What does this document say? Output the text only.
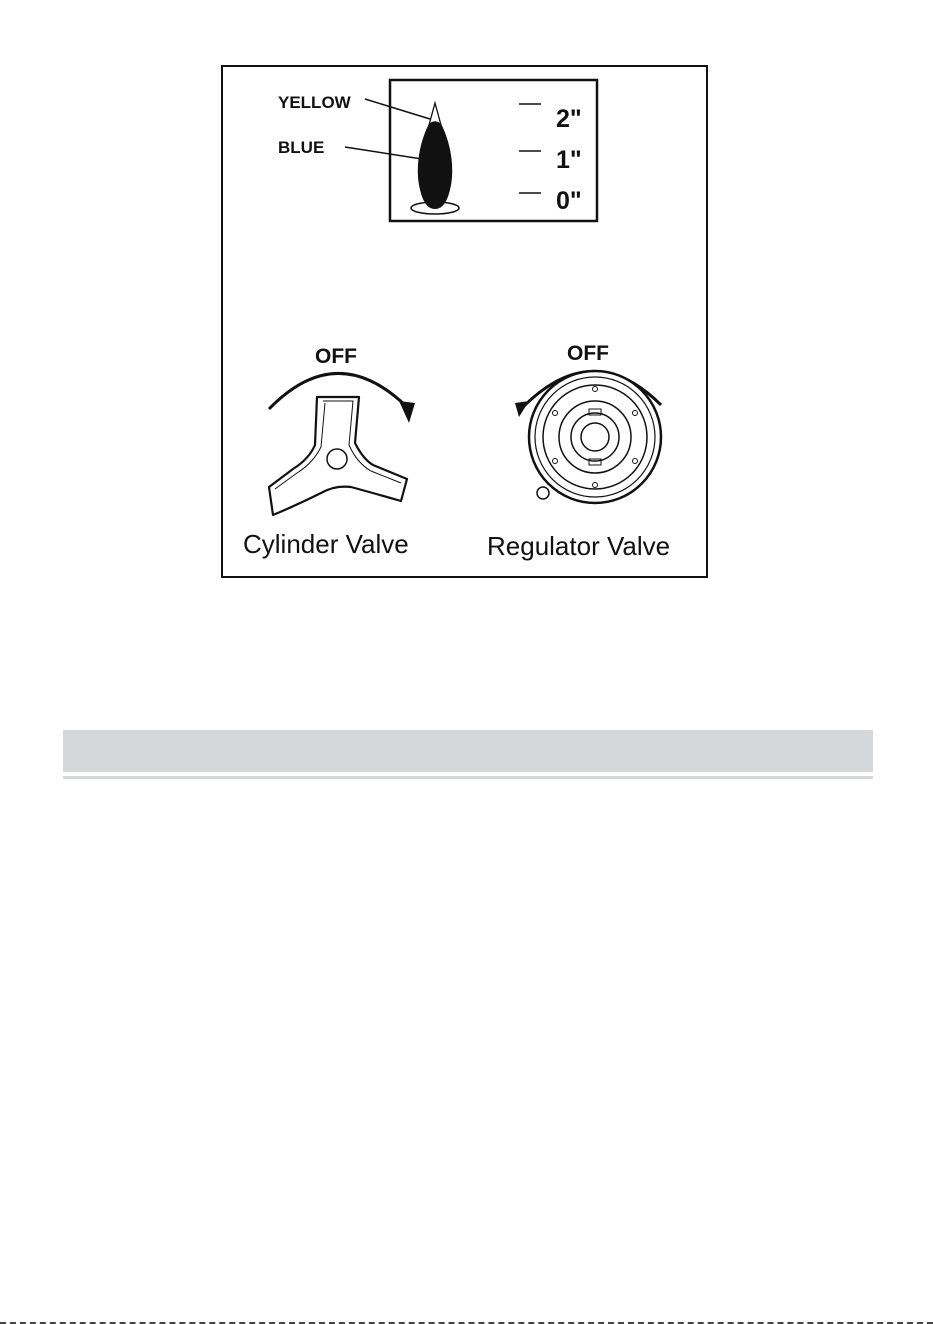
YELLOW
BLUE
2"
1"
0"
OFF
Cylinder Valve
OFF
Regulator Valve
